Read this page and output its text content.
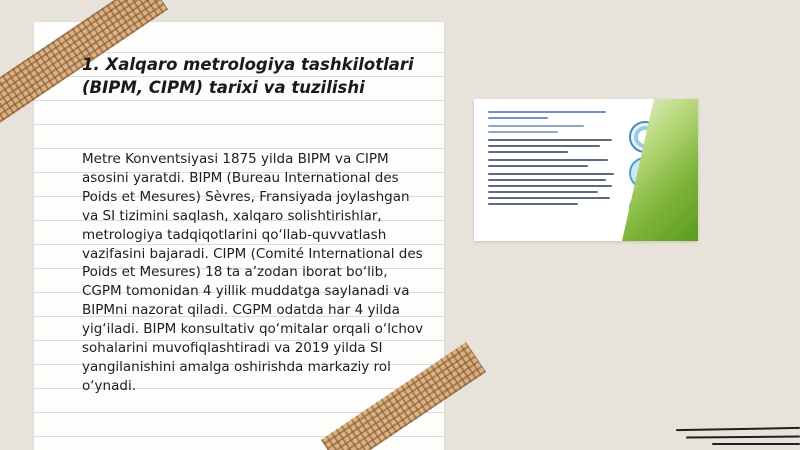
1. Xalqaro metrologiya tashkilotlari (BIPM, CIPM) tarixi va tuzilishi

Metre Konventsiyasi 1875 yilda BIPM va CIPM asosini yaratdi. BIPM (Bureau International des Poids et Mesures) Sèvres, Fransiyada joylashgan va SI tizimini saqlash, xalqaro solishtirishlar, metrologiya tadqiqotlarini qo‘llab-quvvatlash vazifasini bajaradi. CIPM (Comité International des Poids et Mesures) 18 ta a’zodan iborat bo‘lib, CGPM tomonidan 4 yillik muddatga saylanadi va BIPMni nazorat qiladi. CGPM odatda har 4 yilda yig‘iladi. BIPM konsultativ qo‘mitalar orqali o‘lchov sohalarini muvofiqlashtiradi va 2019 yilda SI yangilanishini amalga oshirishda markaziy rol o‘ynadi.
